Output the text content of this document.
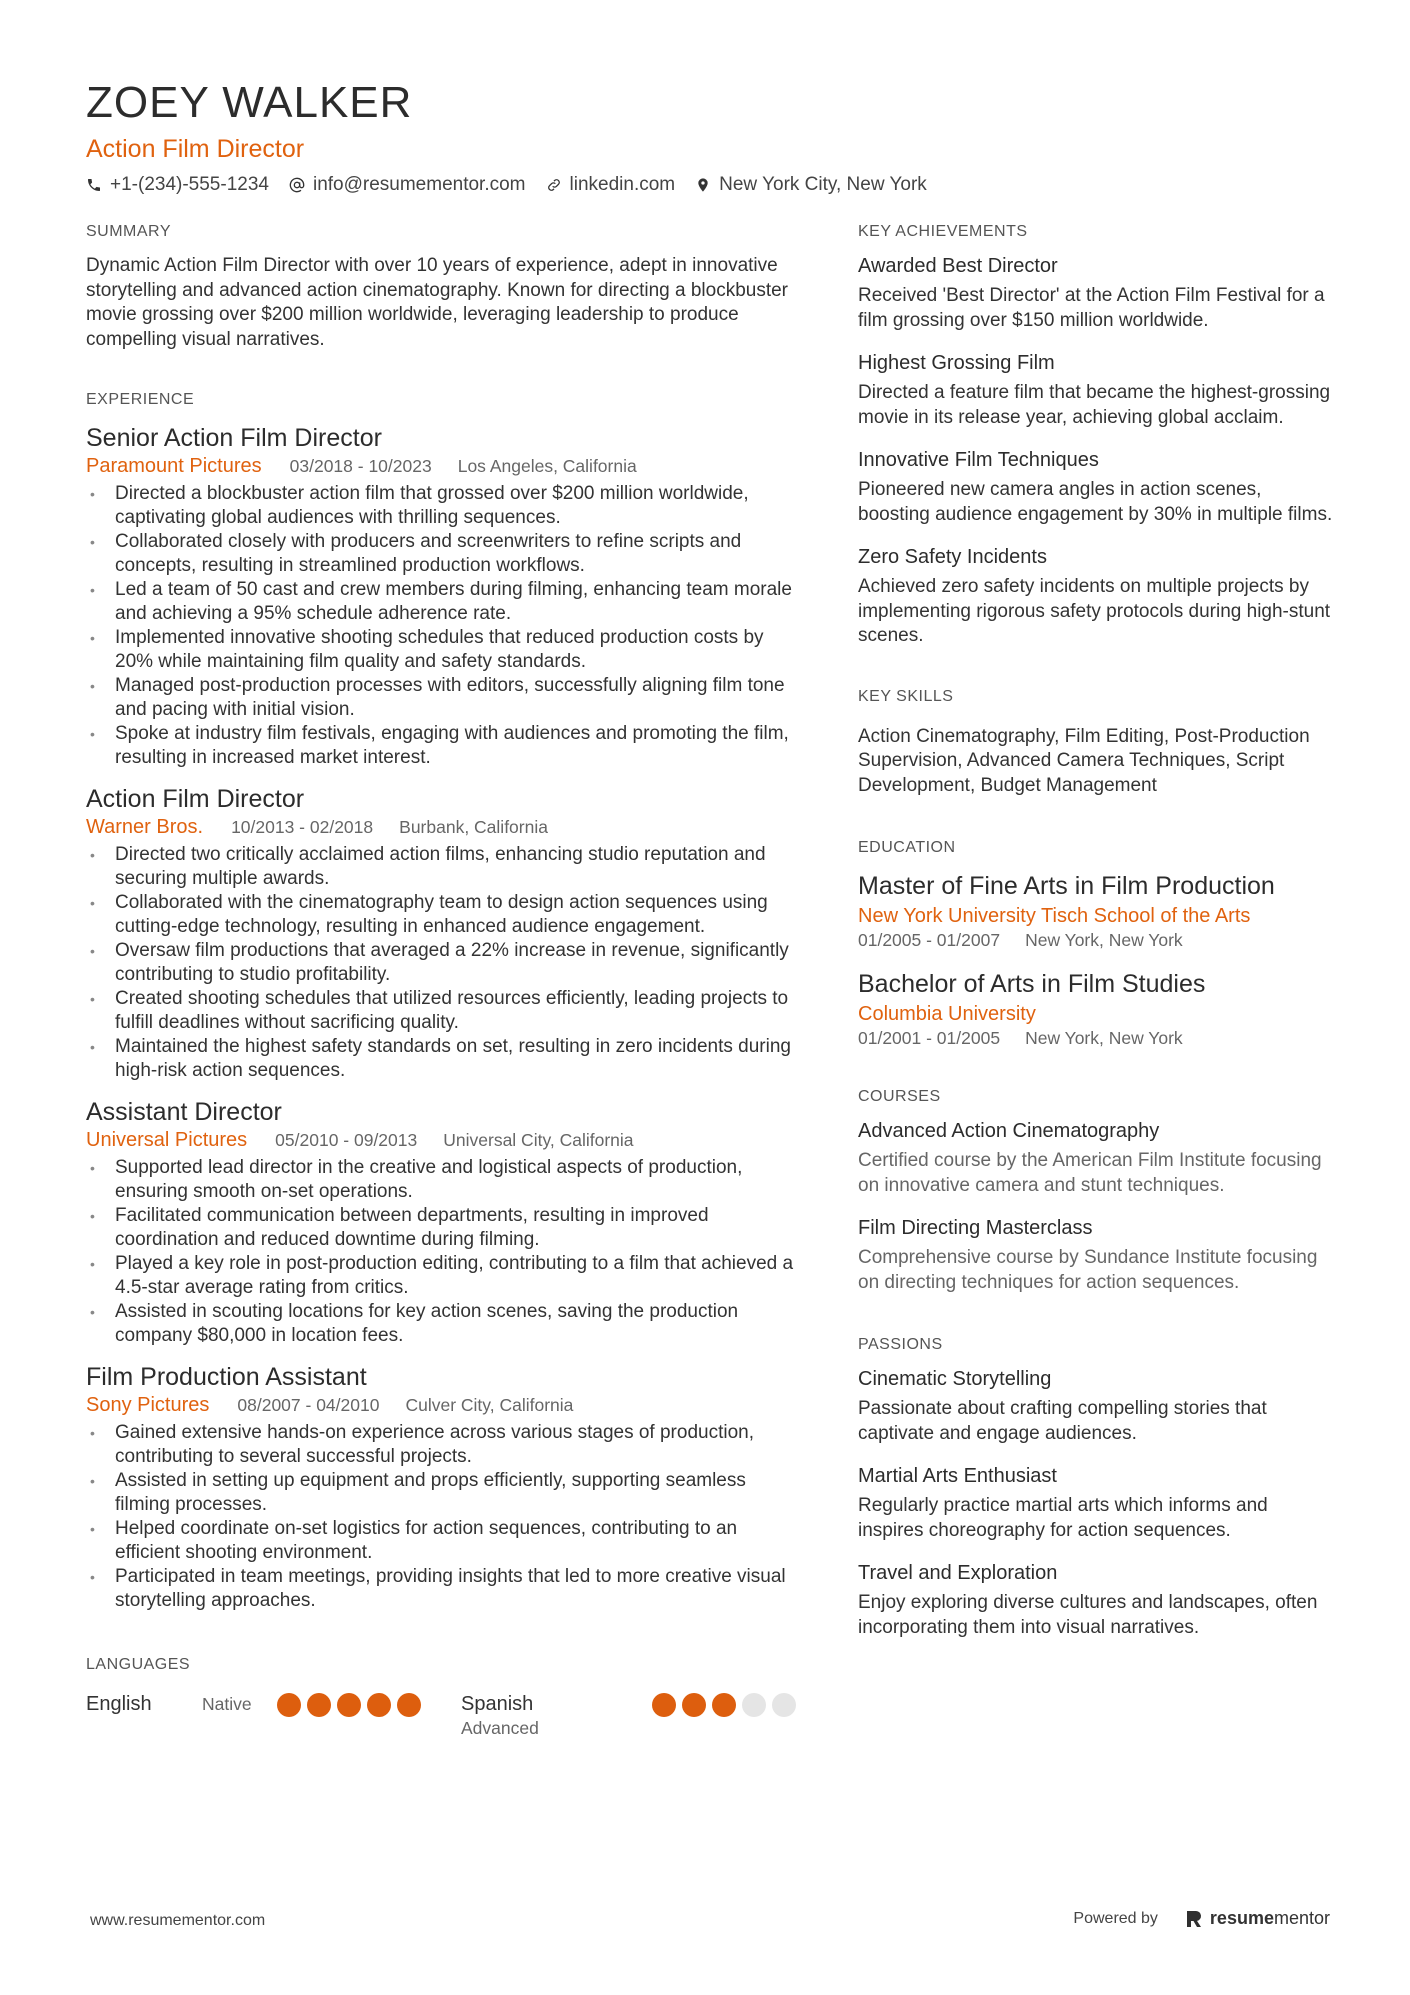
ZOEY WALKER
Action Film Director
+1-(234)-555-1234 info@resumementor.com linkedin.com New York City, New York
SUMMARY
Dynamic Action Film Director with over 10 years of experience, adept in innovative storytelling and advanced action cinematography. Known for directing a blockbuster movie grossing over $200 million worldwide, leveraging leadership to produce compelling visual narratives.
EXPERIENCE
Senior Action Film Director
Paramount Pictures 03/2018 - 10/2023 Los Angeles, California
• Directed a blockbuster action film that grossed over $200 million worldwide, captivating global audiences with thrilling sequences.
• Collaborated closely with producers and screenwriters to refine scripts and concepts, resulting in streamlined production workflows.
• Led a team of 50 cast and crew members during filming, enhancing team morale and achieving a 95% schedule adherence rate.
• Implemented innovative shooting schedules that reduced production costs by 20% while maintaining film quality and safety standards.
• Managed post-production processes with editors, successfully aligning film tone and pacing with initial vision.
• Spoke at industry film festivals, engaging with audiences and promoting the film, resulting in increased market interest.
Action Film Director
Warner Bros. 10/2013 - 02/2018 Burbank, California
• Directed two critically acclaimed action films, enhancing studio reputation and securing multiple awards.
• Collaborated with the cinematography team to design action sequences using cutting-edge technology, resulting in enhanced audience engagement.
• Oversaw film productions that averaged a 22% increase in revenue, significantly contributing to studio profitability.
• Created shooting schedules that utilized resources efficiently, leading projects to fulfill deadlines without sacrificing quality.
• Maintained the highest safety standards on set, resulting in zero incidents during high-risk action sequences.
Assistant Director
Universal Pictures 05/2010 - 09/2013 Universal City, California
• Supported lead director in the creative and logistical aspects of production, ensuring smooth on-set operations.
• Facilitated communication between departments, resulting in improved coordination and reduced downtime during filming.
• Played a key role in post-production editing, contributing to a film that achieved a 4.5-star average rating from critics.
• Assisted in scouting locations for key action scenes, saving the production company $80,000 in location fees.
Film Production Assistant
Sony Pictures 08/2007 - 04/2010 Culver City, California
• Gained extensive hands-on experience across various stages of production, contributing to several successful projects.
• Assisted in setting up equipment and props efficiently, supporting seamless filming processes.
• Helped coordinate on-set logistics for action sequences, contributing to an efficient shooting environment.
• Participated in team meetings, providing insights that led to more creative visual storytelling approaches.
LANGUAGES
English	Native	Spanish
Advanced
KEY ACHIEVEMENTS
Awarded Best Director
Received 'Best Director' at the Action Film Festival for a film grossing over $150 million worldwide.
Highest Grossing Film
Directed a feature film that became the highest-grossing movie in its release year, achieving global acclaim.
Innovative Film Techniques
Pioneered new camera angles in action scenes, boosting audience engagement by 30% in multiple films.
Zero Safety Incidents
Achieved zero safety incidents on multiple projects by implementing rigorous safety protocols during high-stunt scenes.
KEY SKILLS
Action Cinematography, Film Editing, Post-Production Supervision, Advanced Camera Techniques, Script Development, Budget Management
EDUCATION
Master of Fine Arts in Film Production
New York University Tisch School of the Arts
01/2005 - 01/2007 New York, New York
Bachelor of Arts in Film Studies
Columbia University
01/2001 - 01/2005 New York, New York
COURSES
Advanced Action Cinematography
Certified course by the American Film Institute focusing on innovative camera and stunt techniques.
Film Directing Masterclass
Comprehensive course by Sundance Institute focusing on directing techniques for action sequences.
PASSIONS
Cinematic Storytelling
Passionate about crafting compelling stories that captivate and engage audiences.
Martial Arts Enthusiast
Regularly practice martial arts which informs and inspires choreography for action sequences.
Travel and Exploration
Enjoy exploring diverse cultures and landscapes, often incorporating them into visual narratives.
www.resumementor.com	Powered by	resume mentor
